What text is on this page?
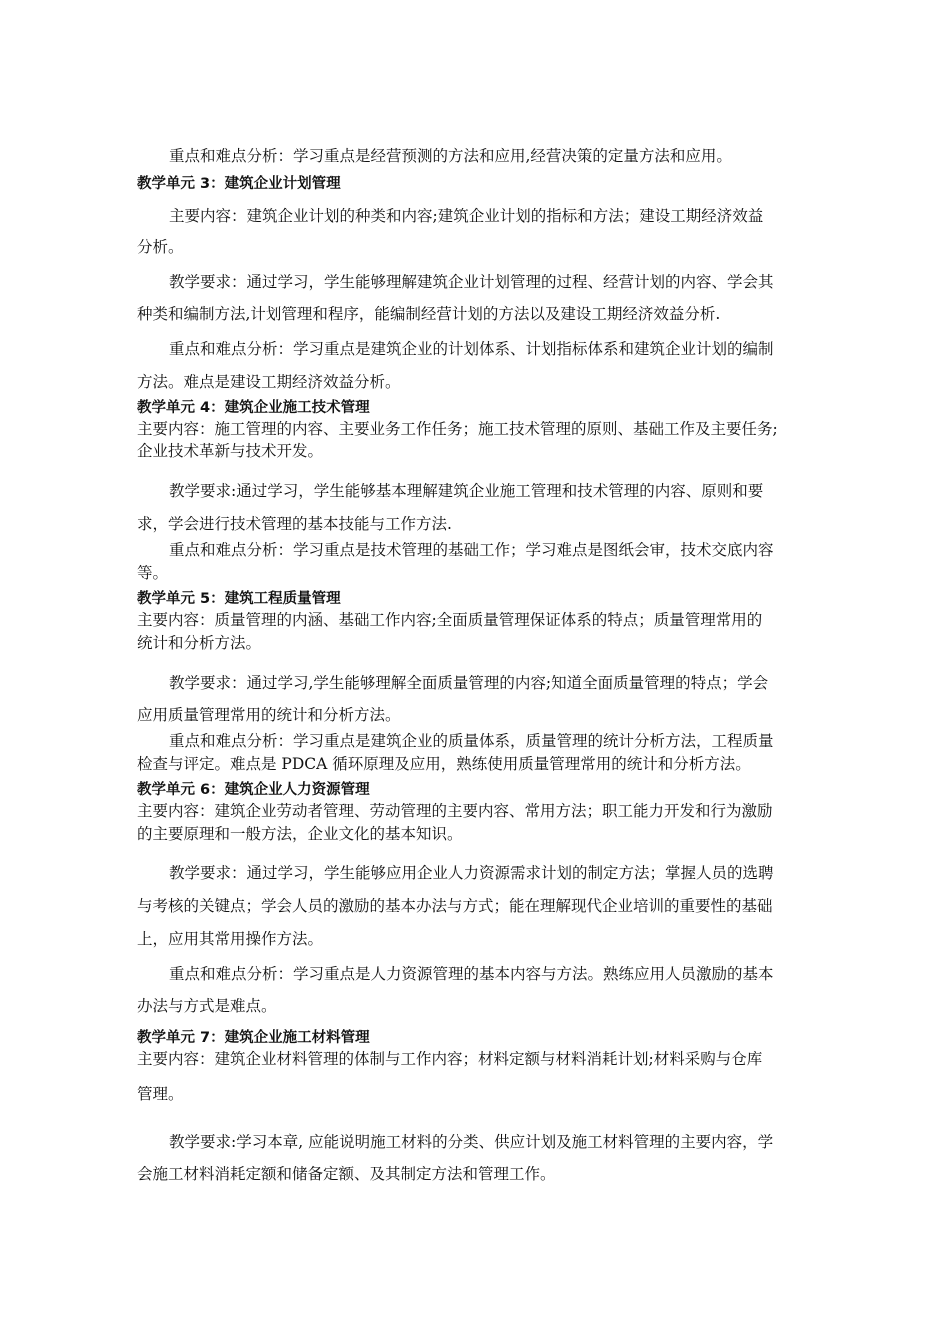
重点和难点分析：学习重点是经营预测的方法和应用,经营决策的定量方法和应用。
教学单元 3：建筑企业计划管理
主要内容：建筑企业计划的种类和内容;建筑企业计划的指标和方法；建设工期经济效益
分析。
教学要求：通过学习，学生能够理解建筑企业计划管理的过程、经营计划的内容、学会其
种类和编制方法,计划管理和程序，能编制经营计划的方法以及建设工期经济效益分析.
重点和难点分析：学习重点是建筑企业的计划体系、计划指标体系和建筑企业计划的编制
方法。难点是建设工期经济效益分析。
教学单元 4：建筑企业施工技术管理
主要内容：施工管理的内容、主要业务工作任务；施工技术管理的原则、基础工作及主要任务;
企业技术革新与技术开发。
教学要求:通过学习，学生能够基本理解建筑企业施工管理和技术管理的内容、原则和要
求，学会进行技术管理的基本技能与工作方法.
重点和难点分析：学习重点是技术管理的基础工作；学习难点是图纸会审，技术交底内容
等。
教学单元 5：建筑工程质量管理
主要内容：质量管理的内涵、基础工作内容;全面质量管理保证体系的特点；质量管理常用的
统计和分析方法。
教学要求：通过学习,学生能够理解全面质量管理的内容;知道全面质量管理的特点；学会
应用质量管理常用的统计和分析方法。
重点和难点分析：学习重点是建筑企业的质量体系，质量管理的统计分析方法，工程质量
检查与评定。难点是 PDCA 循环原理及应用，熟练使用质量管理常用的统计和分析方法。
教学单元 6：建筑企业人力资源管理
主要内容：建筑企业劳动者管理、劳动管理的主要内容、常用方法；职工能力开发和行为激励
的主要原理和一般方法，企业文化的基本知识。
教学要求：通过学习，学生能够应用企业人力资源需求计划的制定方法；掌握人员的选聘
与考核的关键点；学会人员的激励的基本办法与方式；能在理解现代企业培训的重要性的基础
上，应用其常用操作方法。
重点和难点分析：学习重点是人力资源管理的基本内容与方法。熟练应用人员激励的基本
办法与方式是难点。
教学单元 7：建筑企业施工材料管理
主要内容：建筑企业材料管理的体制与工作内容；材料定额与材料消耗计划;材料采购与仓库
管理。
教学要求:学习本章, 应能说明施工材料的分类、供应计划及施工材料管理的主要内容，学
会施工材料消耗定额和储备定额、及其制定方法和管理工作。
